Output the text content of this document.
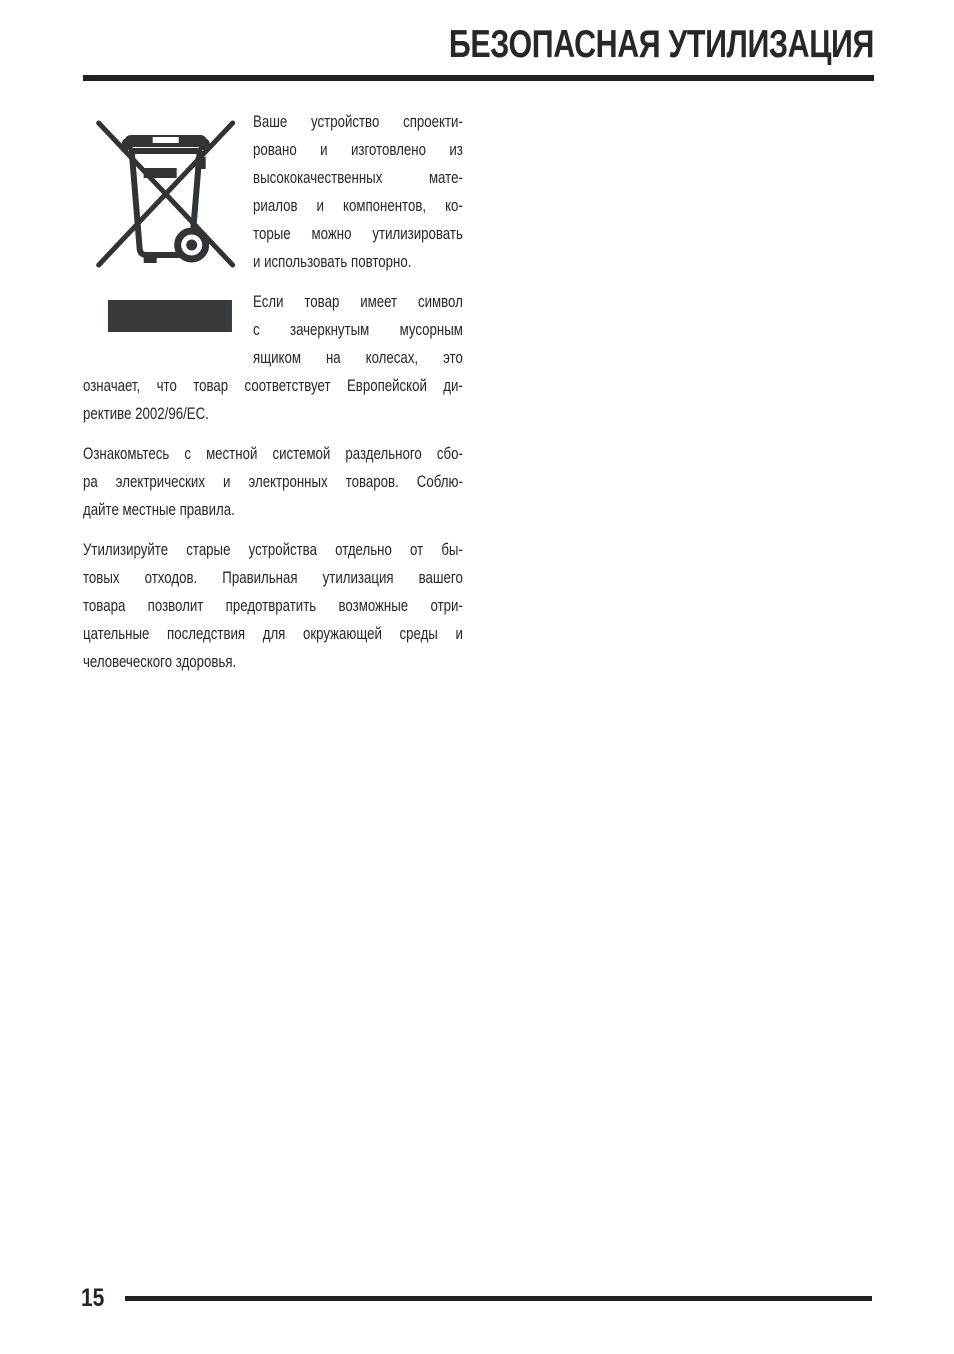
БЕЗОПАСНАЯ УТИЛИЗАЦИЯ

Ваше устройство спроекти-
ровано и изготовлено из
высококачественных мате-
риалов и компонентов, ко-
торые можно утилизировать
и использовать повторно.

Если товар имеет символ
с зачеркнутым мусорным
ящиком на колесах, это
означает, что товар соответствует Европейской ди-
рективе 2002/96/ЕС.

Ознакомьтесь с местной системой раздельного сбо-
ра электрических и электронных товаров. Соблю-
дайте местные правила.

Утилизируйте старые устройства отдельно от бы-
товых отходов. Правильная утилизация вашего
товара позволит предотвратить возможные отри-
цательные последствия для окружающей среды и
человеческого здоровья.

15
